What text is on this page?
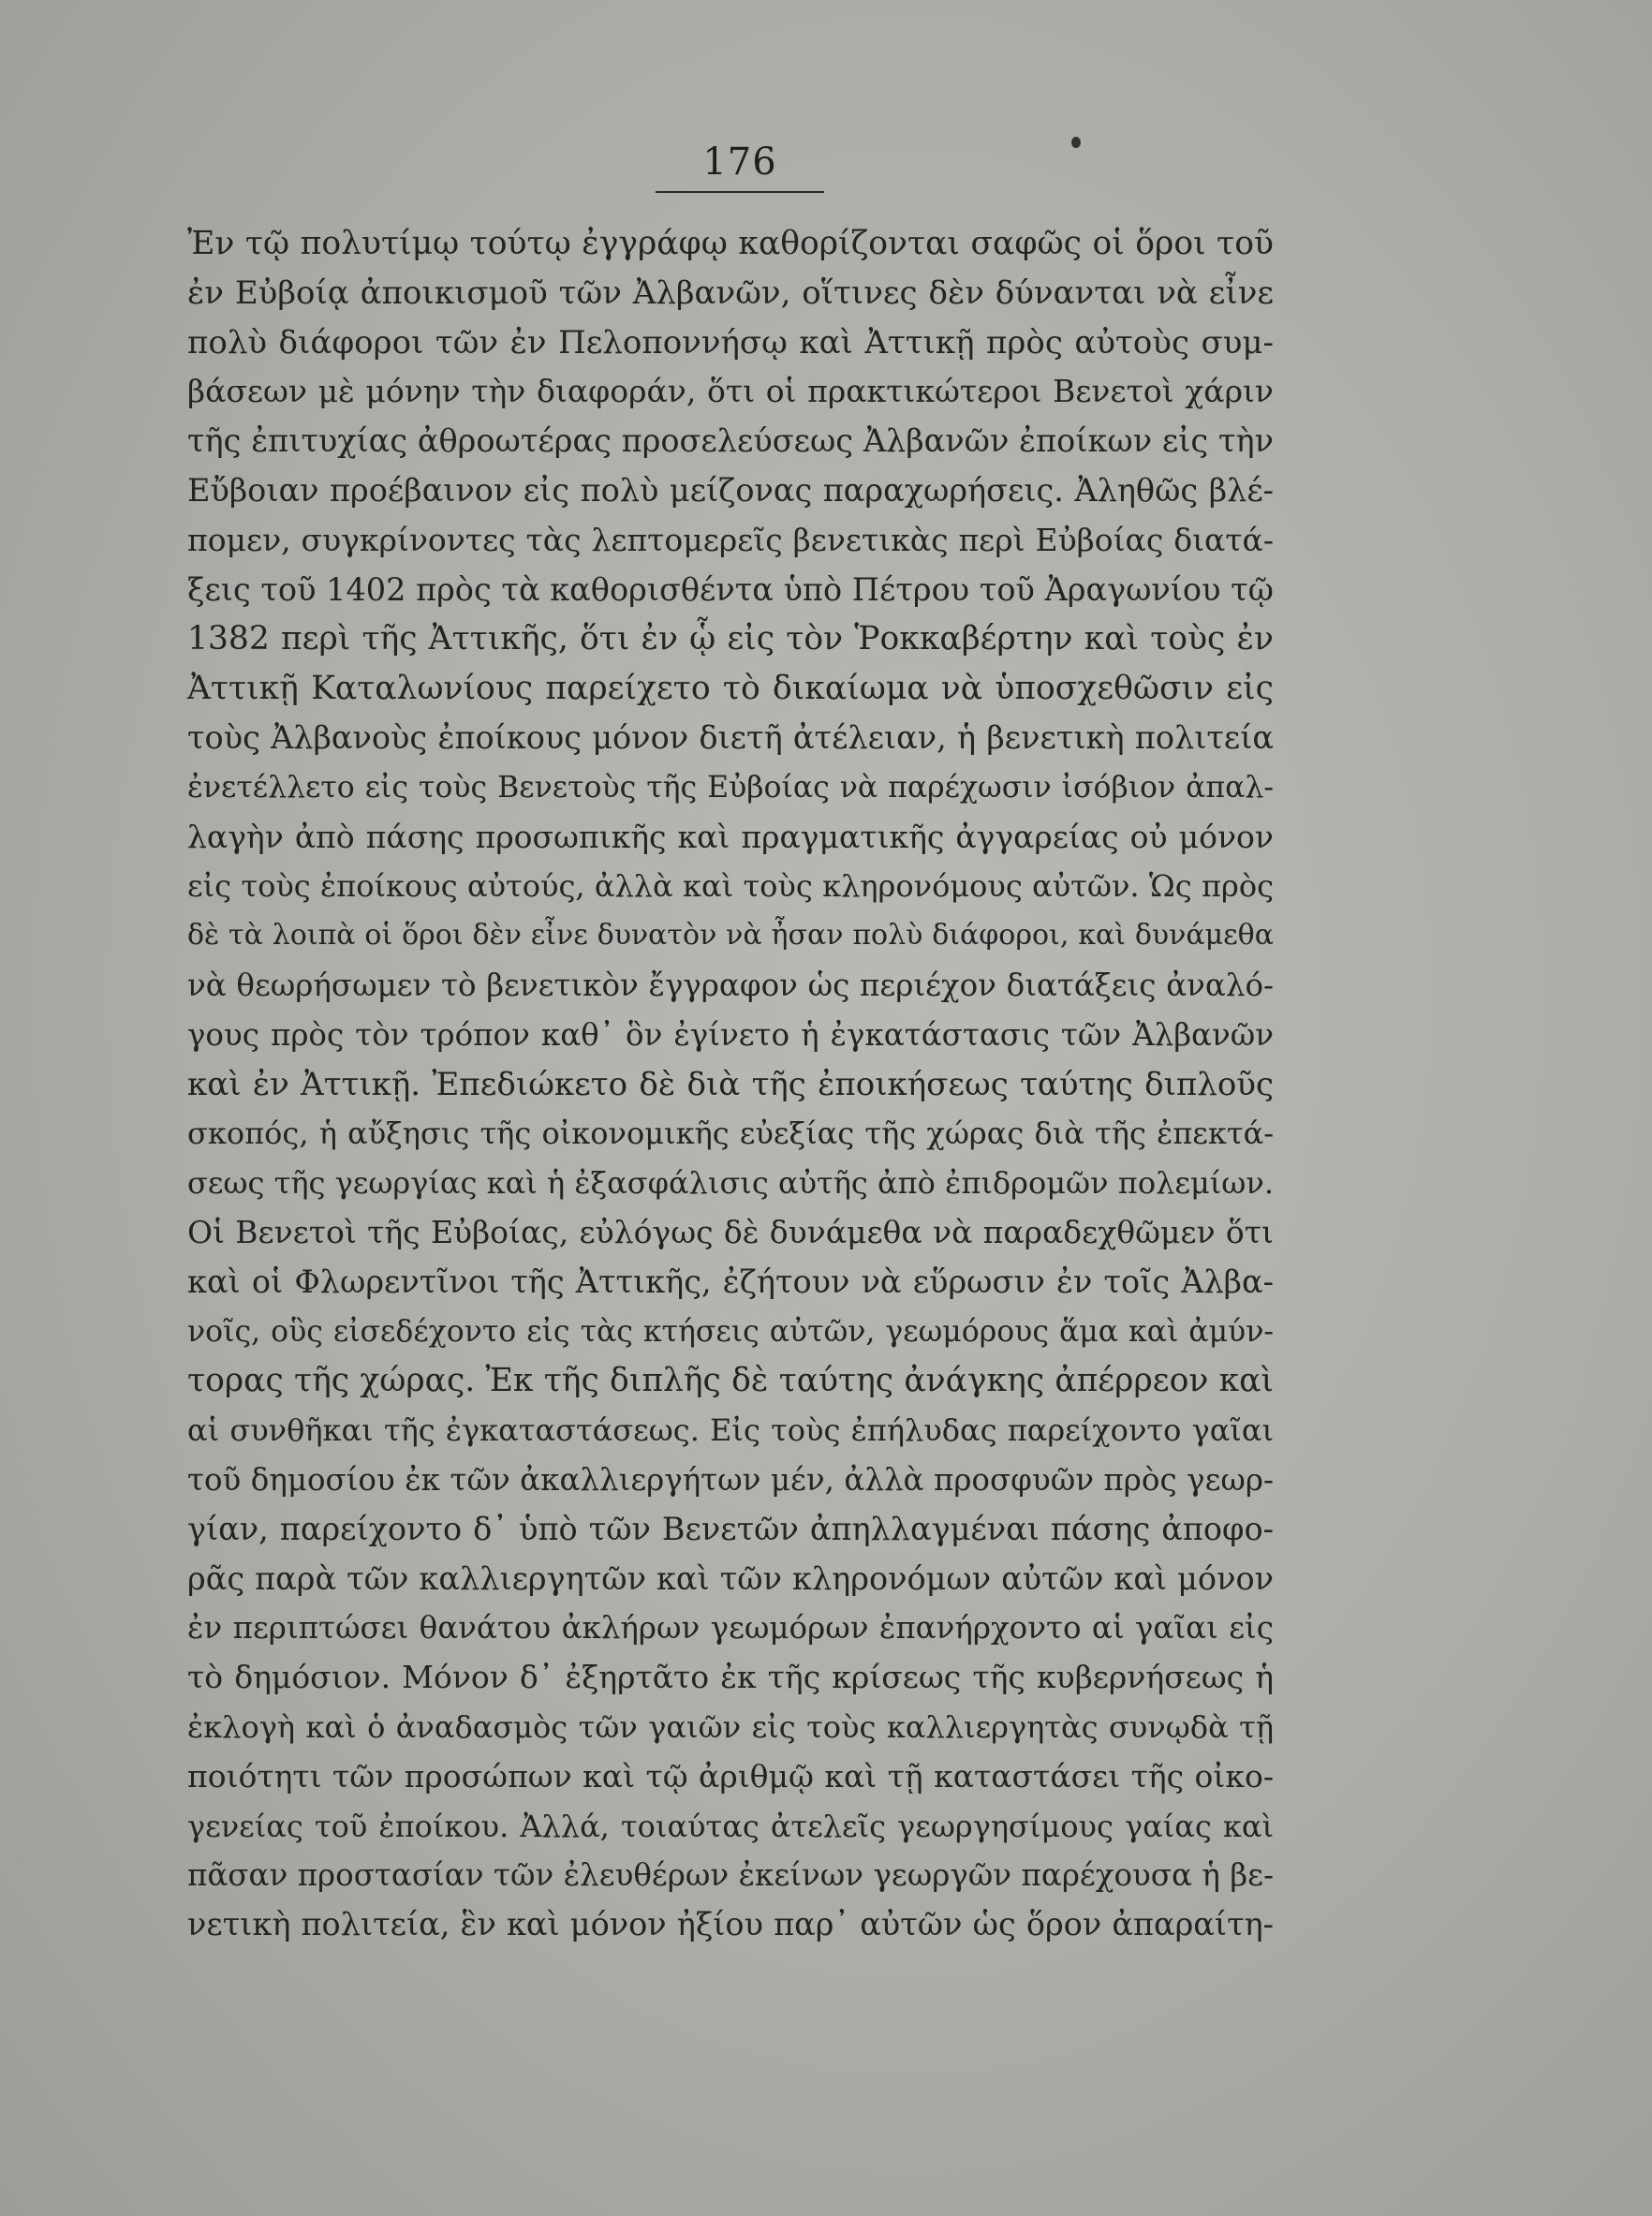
176
Ἐν τῷ πολυτίμῳ τούτῳ ἐγγράφῳ καθορίζονται σαφῶς οἱ ὅροι τοῦ
ἐν Εὐβοίᾳ ἀποικισμοῦ τῶν Ἀλβανῶν, οἵτινες δὲν δύνανται νὰ εἶνε
πολὺ διάφοροι τῶν ἐν Πελοποννήσῳ καὶ Ἀττικῇ πρὸς αὐτοὺς συμ-
βάσεων μὲ μόνην τὴν διαφοράν, ὅτι οἱ πρακτικώτεροι Βενετοὶ χάριν
τῆς ἐπιτυχίας ἀθροωτέρας προσελεύσεως Ἀλβανῶν ἐποίκων εἰς τὴν
Εὔβοιαν προέβαινον εἰς πολὺ μείζονας παραχωρήσεις. Ἀληθῶς βλέ-
πομεν, συγκρίνοντες τὰς λεπτομερεῖς βενετικὰς περὶ Εὐβοίας διατά-
ξεις τοῦ 1402 πρὸς τὰ καθορισθέντα ὑπὸ Πέτρου τοῦ Ἀραγωνίου τῷ
1382 περὶ τῆς Ἀττικῆς, ὅτι ἐν ᾧ εἰς τὸν Ῥοκκαβέρτην καὶ τοὺς ἐν
Ἀττικῇ Καταλωνίους παρείχετο τὸ δικαίωμα νὰ ὑποσχεθῶσιν εἰς
τοὺς Ἀλβανοὺς ἐποίκους μόνον διετῆ ἀτέλειαν, ἡ βενετικὴ πολιτεία
ἐνετέλλετο εἰς τοὺς Βενετοὺς τῆς Εὐβοίας νὰ παρέχωσιν ἰσόβιον ἀπαλ-
λαγὴν ἀπὸ πάσης προσωπικῆς καὶ πραγματικῆς ἀγγαρείας οὐ μόνον
εἰς τοὺς ἐποίκους αὐτούς, ἀλλὰ καὶ τοὺς κληρονόμους αὐτῶν. Ὡς πρὸς
δὲ τὰ λοιπὰ οἱ ὅροι δὲν εἶνε δυνατὸν νὰ ἦσαν πολὺ διάφοροι, καὶ δυνάμεθα
νὰ θεωρήσωμεν τὸ βενετικὸν ἔγγραφον ὡς περιέχον διατάξεις ἀναλό-
γους πρὸς τὸν τρόπον καθ᾿ ὃν ἐγίνετο ἡ ἐγκατάστασις τῶν Ἀλβανῶν
καὶ ἐν Ἀττικῇ. Ἐπεδιώκετο δὲ διὰ τῆς ἐποικήσεως ταύτης διπλοῦς
σκοπός, ἡ αὔξησις τῆς οἰκονομικῆς εὐεξίας τῆς χώρας διὰ τῆς ἐπεκτά-
σεως τῆς γεωργίας καὶ ἡ ἐξασφάλισις αὐτῆς ἀπὸ ἐπιδρομῶν πολεμίων.
Οἱ Βενετοὶ τῆς Εὐβοίας, εὐλόγως δὲ δυνάμεθα νὰ παραδεχθῶμεν ὅτι
καὶ οἱ Φλωρεντῖνοι τῆς Ἀττικῆς, ἐζήτουν νὰ εὕρωσιν ἐν τοῖς Ἀλβα-
νοῖς, οὓς εἰσεδέχοντο εἰς τὰς κτήσεις αὐτῶν, γεωμόρους ἅμα καὶ ἀμύν-
τορας τῆς χώρας. Ἐκ τῆς διπλῆς δὲ ταύτης ἀνάγκης ἀπέρρεον καὶ
αἱ συνθῆκαι τῆς ἐγκαταστάσεως. Εἰς τοὺς ἐπήλυδας παρείχοντο γαῖαι
τοῦ δημοσίου ἐκ τῶν ἀκαλλιεργήτων μέν, ἀλλὰ προσφυῶν πρὸς γεωρ-
γίαν, παρείχοντο δ᾿ ὑπὸ τῶν Βενετῶν ἀπηλλαγμέναι πάσης ἀποφο-
ρᾶς παρὰ τῶν καλλιεργητῶν καὶ τῶν κληρονόμων αὐτῶν καὶ μόνον
ἐν περιπτώσει θανάτου ἀκλήρων γεωμόρων ἐπανήρχοντο αἱ γαῖαι εἰς
τὸ δημόσιον. Μόνον δ᾿ ἐξηρτᾶτο ἐκ τῆς κρίσεως τῆς κυβερνήσεως ἡ
ἐκλογὴ καὶ ὁ ἀναδασμὸς τῶν γαιῶν εἰς τοὺς καλλιεργητὰς συνῳδὰ τῇ
ποιότητι τῶν προσώπων καὶ τῷ ἀριθμῷ καὶ τῇ καταστάσει τῆς οἰκο-
γενείας τοῦ ἐποίκου. Ἀλλά, τοιαύτας ἀτελεῖς γεωργησίμους γαίας καὶ
πᾶσαν προστασίαν τῶν ἐλευθέρων ἐκείνων γεωργῶν παρέχουσα ἡ βε-
νετικὴ πολιτεία, ἓν καὶ μόνον ἠξίου παρ᾿ αὐτῶν ὡς ὅρον ἀπαραίτη-
